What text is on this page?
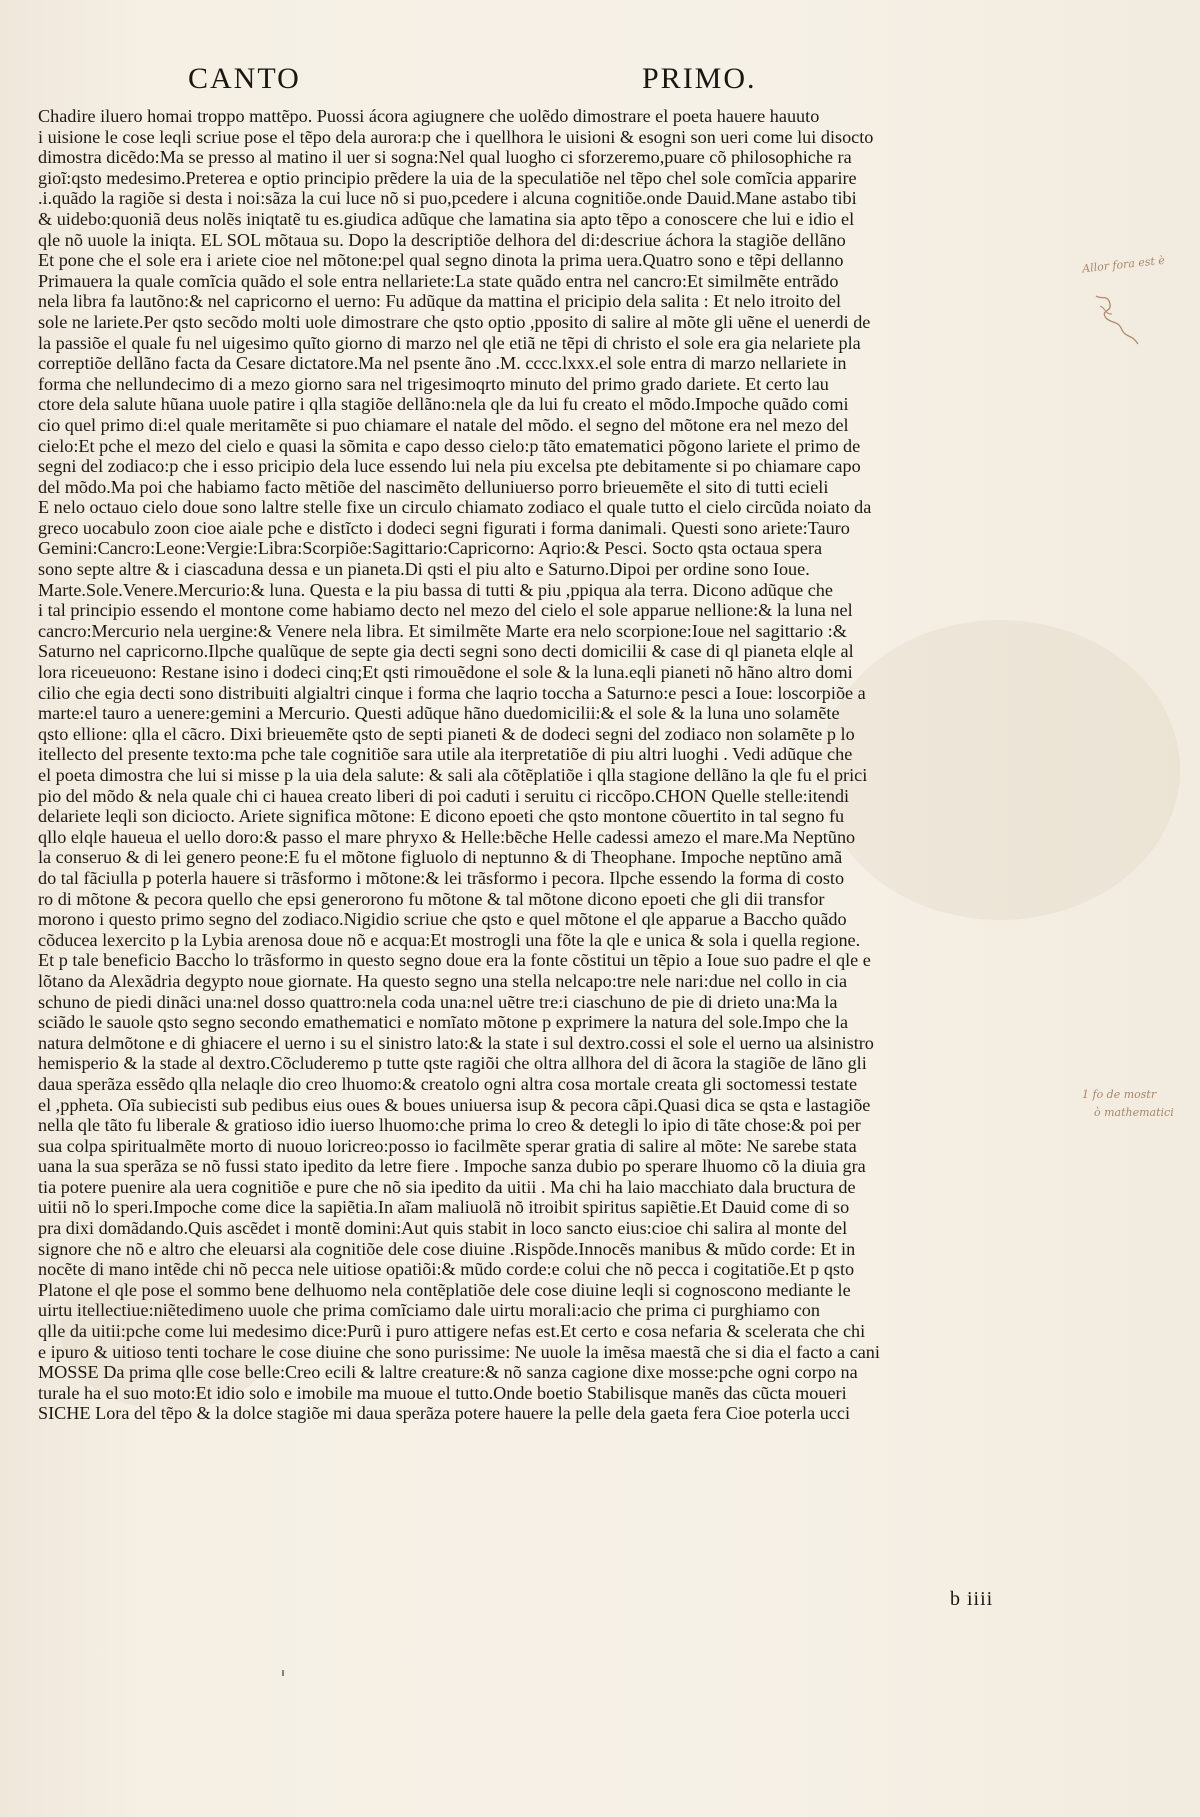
CANTO	PRIMO.
Chadire iluero homai troppo mattẽpo. Puossi ácora agiugnere che uolẽdo dimostrare el poeta hauere hauuto
i uisione le cose leqli scriue pose el tẽpo dela aurora:p che i quellhora le uisioni & esogni son ueri come lui disocto
dimostra dicẽdo:Ma se presso al matino il uer si sogna:Nel qual luogho ci sforzeremo,puare cõ philosophiche ra
gioĩ:qsto medesimo.Preterea e optio principio prẽdere la uia de la speculatiõe nel tẽpo chel sole comĩcia apparire
.i.quãdo la ragiõe si desta i noi:sãza la cui luce nõ si puo,pcedere i alcuna cognitiõe.onde Dauid.Mane astabo tibi
& uidebo:quoniã deus nolẽs iniqtatẽ tu es.giudica adũque che lamatina sia apto tẽpo a conoscere che lui e idio el
qle nõ uuole la iniqta. EL SOL mõtaua su. Dopo la descriptiõe delhora del di:descriue áchora la stagiõe dellãno
Et pone che el sole era i ariete cioe nel mõtone:pel qual segno dinota la prima uera.Quatro sono e tẽpi dellanno
Primauera la quale comĩcia quãdo el sole entra nellariete:La state quãdo entra nel cancro:Et similmẽte entrãdo
nela libra fa lautõno:& nel capricorno el uerno: Fu adũque da mattina el pricipio dela salita : Et nelo itroito del
sole ne lariete.Per qsto secõdo molti uole dimostrare che qsto optio ,pposito di salire al mõte gli uẽne el uenerdi de
la passiõe el quale fu nel uigesimo quĩto giorno di marzo nel qle etiã ne tẽpi di christo el sole era gia nelariete pla
correptiõe dellãno facta da Cesare dictatore.Ma nel psente ãno .M. cccc.lxxx.el sole entra di marzo nellariete in
forma che nellundecimo di a mezo giorno sara nel trigesimoqrto minuto del primo grado dariete. Et certo lau
ctore dela salute hũana uuole patire i qlla stagiõe dellãno:nela qle da lui fu creato el mõdo.Impoche quãdo comi
cio quel primo di:el quale meritamẽte si puo chiamare el natale del mõdo. el segno del mõtone era nel mezo del
cielo:Et pche el mezo del cielo e quasi la sõmita e capo desso cielo:p tãto ematematici põgono lariete el primo de
segni del zodiaco:p che i esso pricipio dela luce essendo lui nela piu excelsa pte debitamente si po chiamare capo
del mõdo.Ma poi che habiamo facto mẽtiõe del nascimẽto delluniuerso porro brieuemẽte el sito di tutti ecieli
E nelo octauo cielo doue sono laltre stelle fixe un circulo chiamato zodiaco el quale tutto el cielo circũda noiato da
greco uocabulo zoon cioe aiale pche e distĩcto i dodeci segni figurati i forma danimali. Questi sono ariete:Tauro
Gemini:Cancro:Leone:Vergie:Libra:Scorpiõe:Sagittario:Capricorno: Aqrio:& Pesci. Socto qsta octaua spera
sono septe altre & i ciascaduna dessa e un pianeta.Di qsti el piu alto e Saturno.Dipoi per ordine sono Ioue.
Marte.Sole.Venere.Mercurio:& luna. Questa e la piu bassa di tutti & piu ,ppiqua ala terra. Dicono adũque che
i tal principio essendo el montone come habiamo decto nel mezo del cielo el sole apparue nellione:& la luna nel
cancro:Mercurio nela uergine:& Venere nela libra. Et similmẽte Marte era nelo scorpione:Ioue nel sagittario :&
Saturno nel capricorno.Ilpche qualũque de septe gia decti segni sono decti domicilii & case di ql pianeta elqle al
lora riceueuono: Restane isino i dodeci cinq;Et qsti rimouẽdone el sole & la luna.eqli pianeti nõ hãno altro domi
cilio che egia decti sono distribuiti algialtri cinque i forma che laqrio toccha a Saturno:e pesci a Ioue: loscorpiõe a
marte:el tauro a uenere:gemini a Mercurio. Questi adũque hãno duedomicilii:& el sole & la luna uno solamẽte
qsto ellione: qlla el cãcro. Dixi brieuemẽte qsto de septi pianeti & de dodeci segni del zodiaco non solamẽte p lo
itellecto del presente texto:ma pche tale cognitiõe sara utile ala iterpretatiõe di piu altri luoghi . Vedi adũque che
el poeta dimostra che lui si misse p la uia dela salute: & sali ala cõtẽplatiõe i qlla stagione dellãno la qle fu el prici
pio del mõdo & nela quale chi ci hauea creato liberi di poi caduti i seruitu ci riccõpo.CHON Quelle stelle:itendi
delariete leqli son diciocto. Ariete significa mõtone: E dicono epoeti che qsto montone cõuertito in tal segno fu
qllo elqle haueua el uello doro:& passo el mare phryxo & Helle:bẽche Helle cadessi amezo el mare.Ma Neptũno
la conseruo & di lei genero peone:E fu el mõtone figluolo di neptunno & di Theophane. Impoche neptũno amã
do tal fãciulla p poterla hauere si trãsformo i mõtone:& lei trãsformo i pecora. Ilpche essendo la forma di costo
ro di mõtone & pecora quello che epsi generorono fu mõtone & tal mõtone dicono epoeti che gli dii transfor
morono i questo primo segno del zodiaco.Nigidio scriue che qsto e quel mõtone el qle apparue a Baccho quãdo
cõducea lexercito p la Lybia arenosa doue nõ e acqua:Et mostrogli una fõte la qle e unica & sola i quella regione.
Et p tale beneficio Baccho lo trãsformo in questo segno doue era la fonte cõstitui un tẽpio a Ioue suo padre el qle e
lõtano da Alexãdria degypto noue giornate. Ha questo segno una stella nelcapo:tre nele nari:due nel collo in cia
schuno de piedi dinãci una:nel dosso quattro:nela coda una:nel uẽtre tre:i ciaschuno de pie di drieto una:Ma la
sciãdo le sauole qsto segno secondo emathematici e nomĩato mõtone p exprimere la natura del sole.Impo che la
natura delmõtone e di ghiacere el uerno i su el sinistro lato:& la state i sul dextro.cossi el sole el uerno ua alsinistro
hemisperio & la stade al dextro.Cõcluderemo p tutte qste ragiõi che oltra allhora del di ãcora la stagiõe de lãno gli
daua sperãza essẽdo qlla nelaqle dio creo lhuomo:& creatolo ogni altra cosa mortale creata gli soctomessi testate
el ,ppheta. Oĩa subiecisti sub pedibus eius oues & boues uniuersa isup & pecora cãpi.Quasi dica se qsta e lastagiõe
nella qle tãto fu liberale & gratioso idio iuerso lhuomo:che prima lo creo & detegli lo ipio di tãte chose:& poi per
sua colpa spiritualmẽte morto di nuouo loricreo:posso io facilmẽte sperar gratia di salire al mõte: Ne sarebe stata
uana la sua sperãza se nõ fussi stato ipedito da letre fiere . Impoche sanza dubio po sperare lhuomo cõ la diuia gra
tia potere puenire ala uera cognitiõe e pure che nõ sia ipedito da uitii . Ma chi ha laio macchiato dala bructura de
uitii nõ lo speri.Impoche come dice la sapiẽtia.In aĩam maliuolã nõ itroibit spiritus sapiẽtie.Et Dauid come di so
pra dixi domãdando.Quis ascẽdet i montẽ domini:Aut quis stabit in loco sancto eius:cioe chi salira al monte del
signore che nõ e altro che eleuarsi ala cognitiõe dele cose diuine .Rispõde.Innocẽs manibus & mũdo corde: Et in
nocẽte di mano intẽde chi nõ pecca nele uitiose opatiõi:& mũdo corde:e colui che nõ pecca i cogitatiõe.Et p qsto
Platone el qle pose el sommo bene delhuomo nela contẽplatiõe dele cose diuine leqli si cognoscono mediante le
uirtu itellectiue:niẽtedimeno uuole che prima comĩciamo dale uirtu morali:acio che prima ci purghiamo con
qlle da uitii:pche come lui medesimo dice:Purũ i puro attigere nefas est.Et certo e cosa nefaria & scelerata che chi
e ipuro & uitioso tenti tochare le cose diuine che sono purissime: Ne uuole la imẽsa maestã che si dia el facto a cani
MOSSE Da prima qlle cose belle:Creo ecili & laltre creature:& nõ sanza cagione dixe mosse:pche ogni corpo na
turale ha el suo moto:Et idio solo e imobile ma muoue el tutto.Onde boetio Stabilisque manẽs das cũcta moueri
SICHE Lora del tẽpo & la dolce stagiõe mi daua sperãza potere hauere la pelle dela gaeta fera Cioe poterla ucci
b iiii
Allor fora est è
1 fo de mostr
ò mathematici
